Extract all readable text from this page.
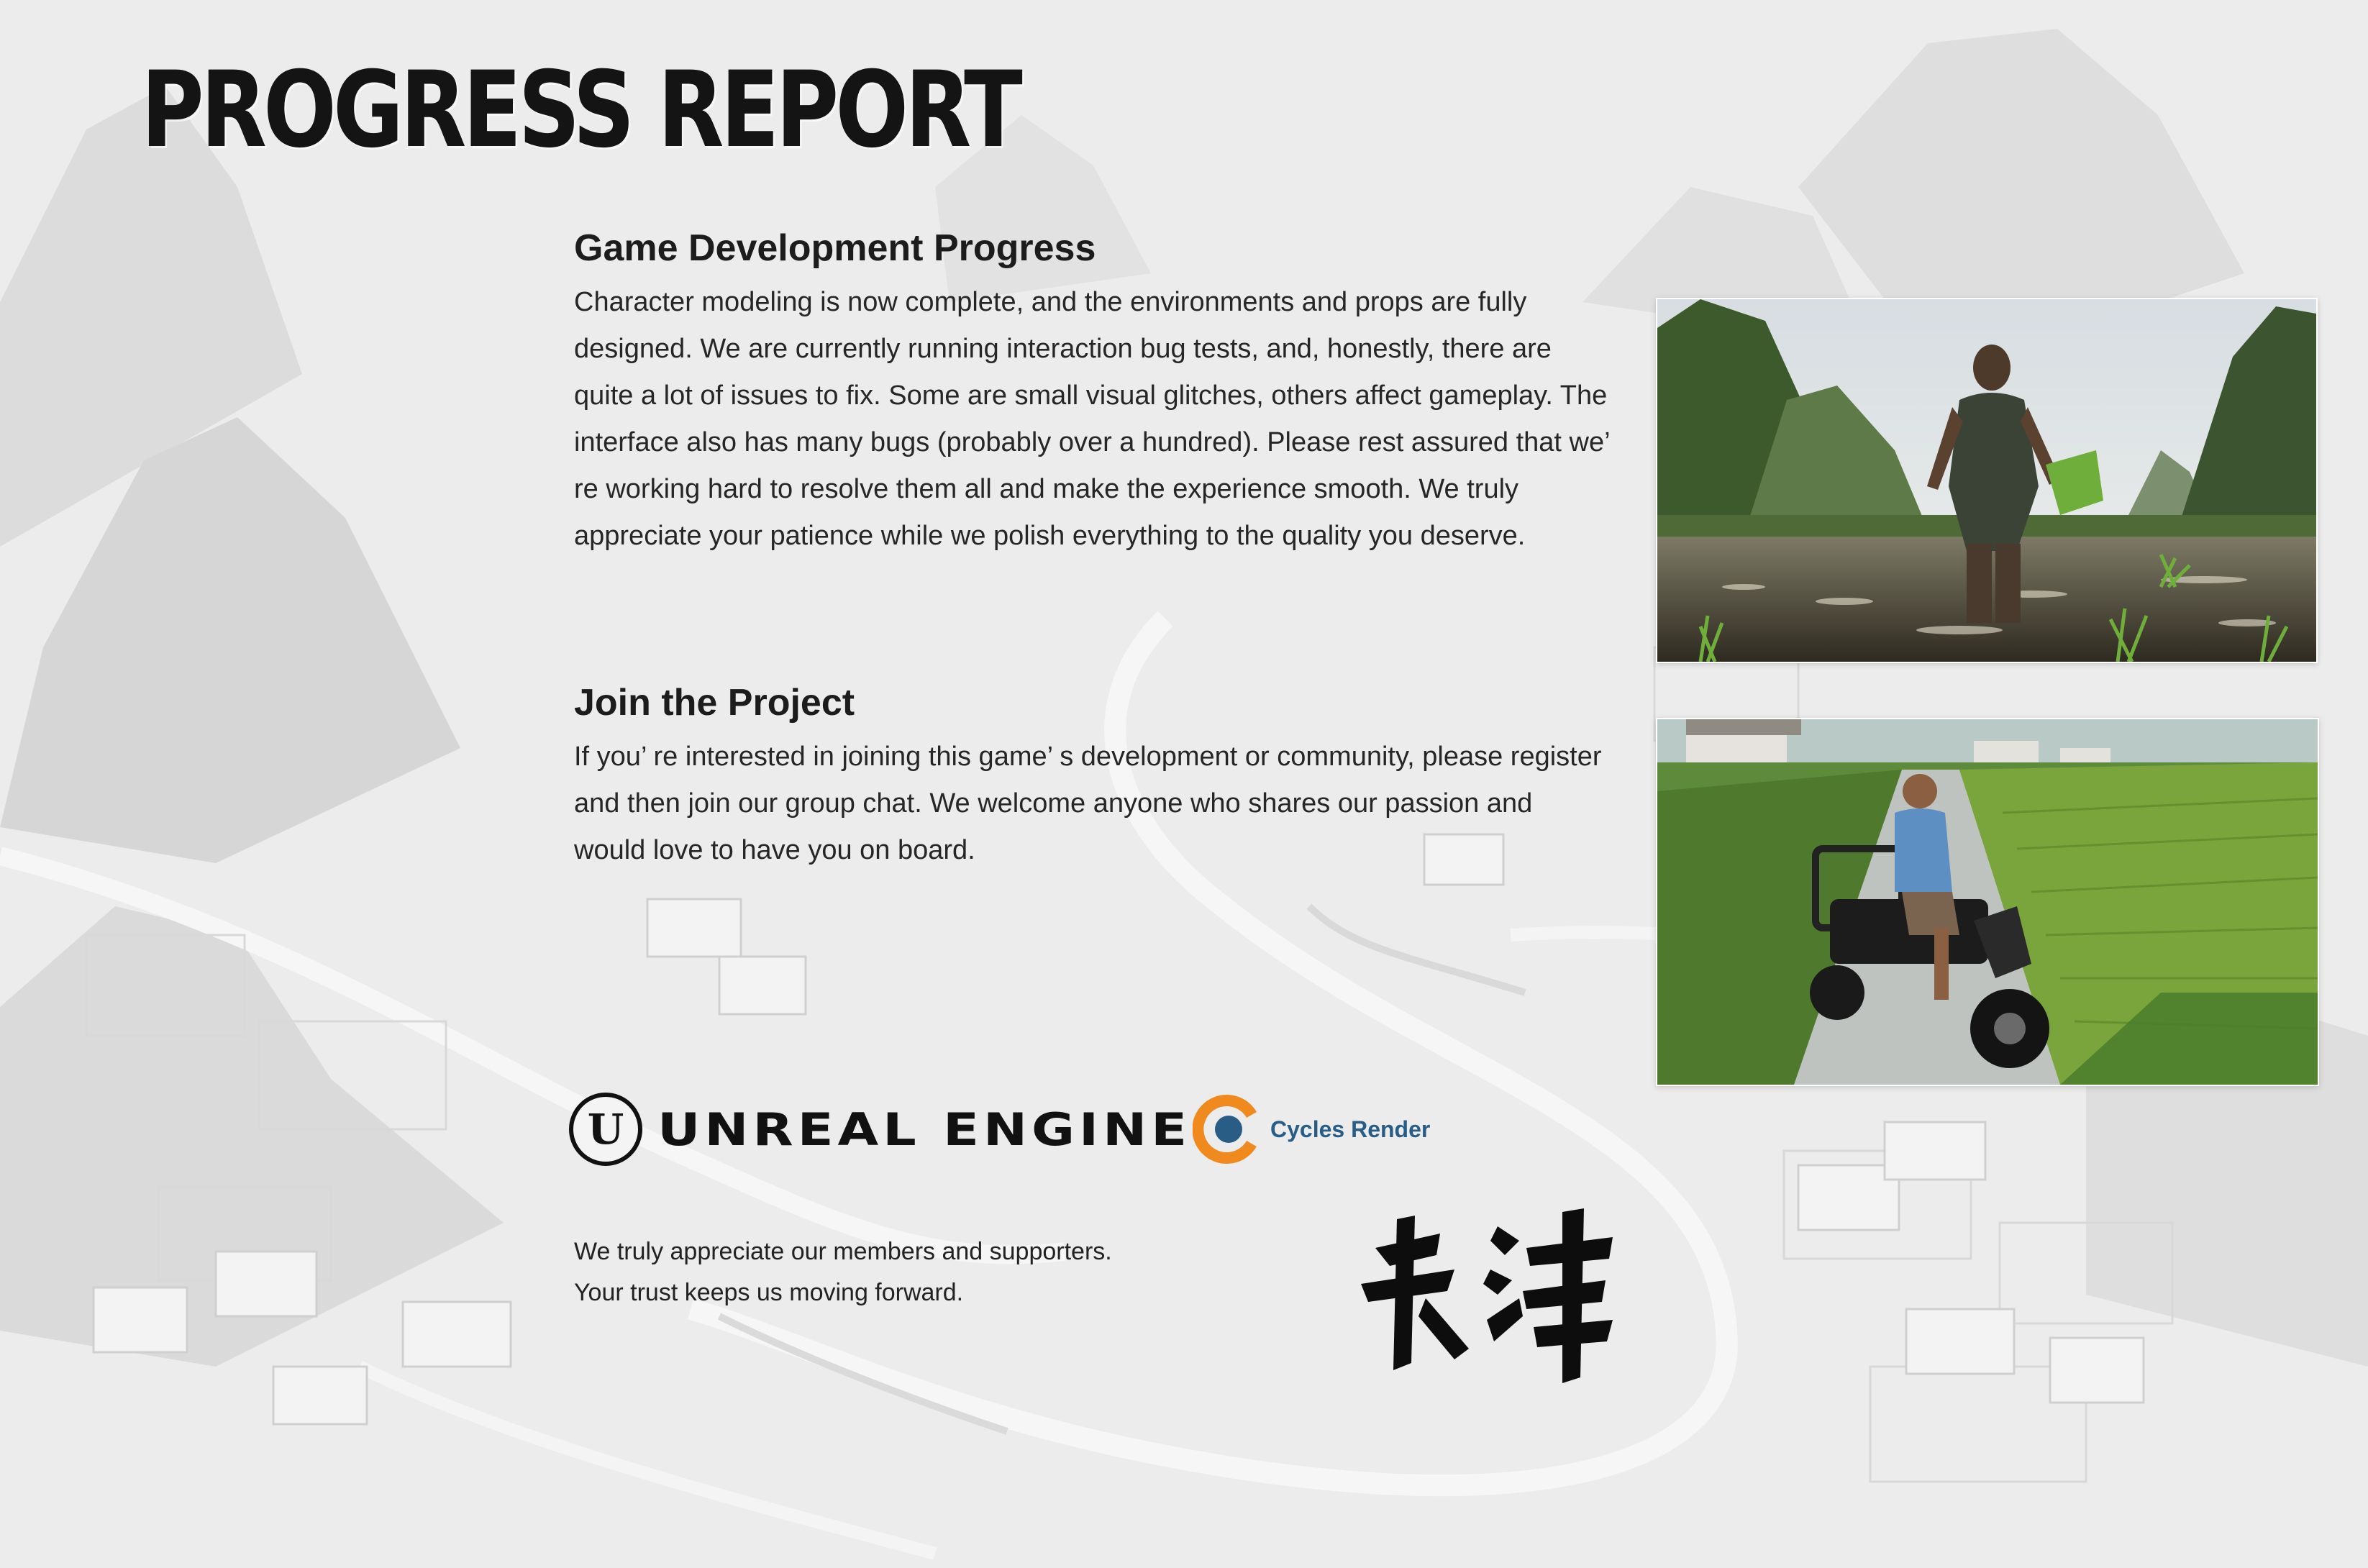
PROGRESS REPORT
Game Development Progress

Character modeling is now complete, and the environments and props are fully designed. We are currently running interaction bug tests, and, honestly, there are quite a lot of issues to fix. Some are small visual glitches, others affect gameplay. The interface also has many bugs (probably over a hundred). Please rest assured that we’ re working hard to resolve them all and make the experience smooth. We truly appreciate your patience while we polish everything to the quality you deserve.

Join the Project

If you’ re interested in joining this game’ s development or community, please register and then join our group chat. We welcome anyone who shares our passion and would love to have you on board.

U UNREAL ENGINE	Cycles Render
We truly appreciate our members and supporters.
Your trust keeps us moving forward.
張洋
